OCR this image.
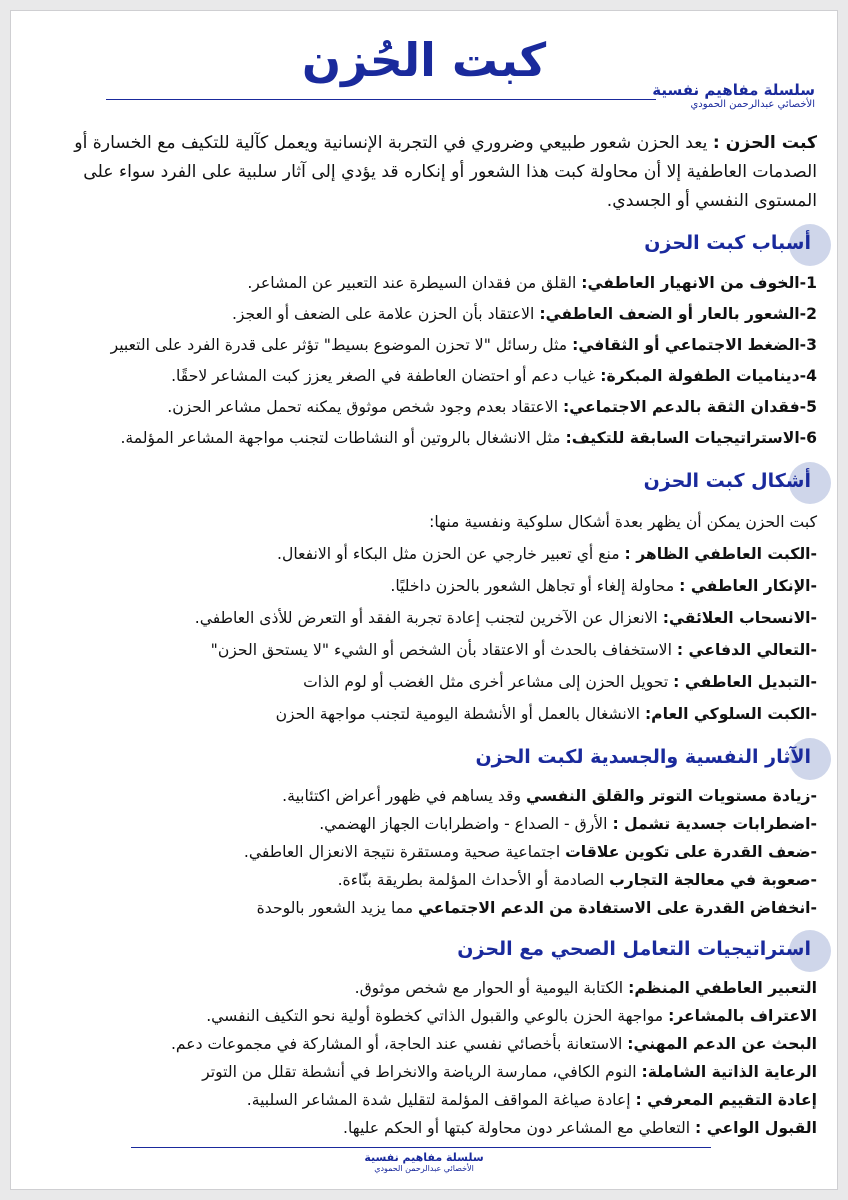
كبت الحُزن
سلسلة مفاهيم نفسية
الأخصائي عبدالرحمن الحمودي

كبت الحزن : يعد الحزن شعور طبيعي وضروري في التجربة الإنسانية ويعمل كآلية للتكيف مع الخسارة أو الصدمات العاطفية إلا أن محاولة كبت هذا الشعور أو إنكاره قد يؤدي إلى آثار سلبية على الفرد سواء على المستوى النفسي أو الجسدي.

أسباب كبت الحزن
1-الخوف من الانهيار العاطفي: القلق من فقدان السيطرة عند التعبير عن المشاعر.
2-الشعور بالعار أو الضعف العاطفي: الاعتقاد بأن الحزن علامة على الضعف أو العجز.
3-الضغط الاجتماعي أو الثقافي: مثل رسائل "لا تحزن الموضوع بسيط" تؤثر على قدرة الفرد على التعبير
4-ديناميات الطفولة المبكرة: غياب دعم أو احتضان العاطفة في الصغر يعزز كبت المشاعر لاحقًا.
5-فقدان الثقة بالدعم الاجتماعي: الاعتقاد بعدم وجود شخص موثوق يمكنه تحمل مشاعر الحزن.
6-الاستراتيجيات السابقة للتكيف: مثل الانشغال بالروتين أو النشاطات لتجنب مواجهة المشاعر المؤلمة.
أشكال كبت الحزن

كبت الحزن يمكن أن يظهر بعدة أشكال سلوكية ونفسية منها:

-الكبت العاطفي الظاهر : منع أي تعبير خارجي عن الحزن مثل البكاء أو الانفعال.
-الإنكار العاطفي : محاولة إلغاء أو تجاهل الشعور بالحزن داخليًا.
-الانسحاب العلائقي: الانعزال عن الآخرين لتجنب إعادة تجربة الفقد أو التعرض للأذى العاطفي.
-التعالي الدفاعي : الاستخفاف بالحدث أو الاعتقاد بأن الشخص أو الشيء "لا يستحق الحزن"
-التبديل العاطفي : تحويل الحزن إلى مشاعر أخرى مثل الغضب أو لوم الذات
-الكبت السلوكي العام: الانشغال بالعمل أو الأنشطة اليومية لتجنب مواجهة الحزن
الآثار النفسية والجسدية لكبت الحزن
-زيادة مستويات التوتر والقلق النفسي وقد يساهم في ظهور أعراض اكتئابية.
-اضطرابات جسدية تشمل : الأرق - الصداع - واضطرابات الجهاز الهضمي.
-ضعف القدرة على تكوين علاقات اجتماعية صحية ومستقرة نتيجة الانعزال العاطفي.
-صعوبة في معالجة التجارب الصادمة أو الأحداث المؤلمة بطريقة بنّاءة.
-انخفاض القدرة على الاستفادة من الدعم الاجتماعي مما يزيد الشعور بالوحدة
استراتيجيات التعامل الصحي مع الحزن
التعبير العاطفي المنظم: الكتابة اليومية أو الحوار مع شخص موثوق.
الاعتراف بالمشاعر: مواجهة الحزن بالوعي والقبول الذاتي كخطوة أولية نحو التكيف النفسي.
البحث عن الدعم المهني: الاستعانة بأخصائي نفسي عند الحاجة، أو المشاركة في مجموعات دعم.
الرعاية الذاتية الشاملة: النوم الكافي، ممارسة الرياضة والانخراط في أنشطة تقلل من التوتر
إعادة التقييم المعرفي : إعادة صياغة المواقف المؤلمة لتقليل شدة المشاعر السلبية.
القبول الواعي : التعاطي مع المشاعر دون محاولة كبتها أو الحكم عليها.
سلسلة مفاهيم نفسية
الأخصائي عبدالرحمن الحمودي
